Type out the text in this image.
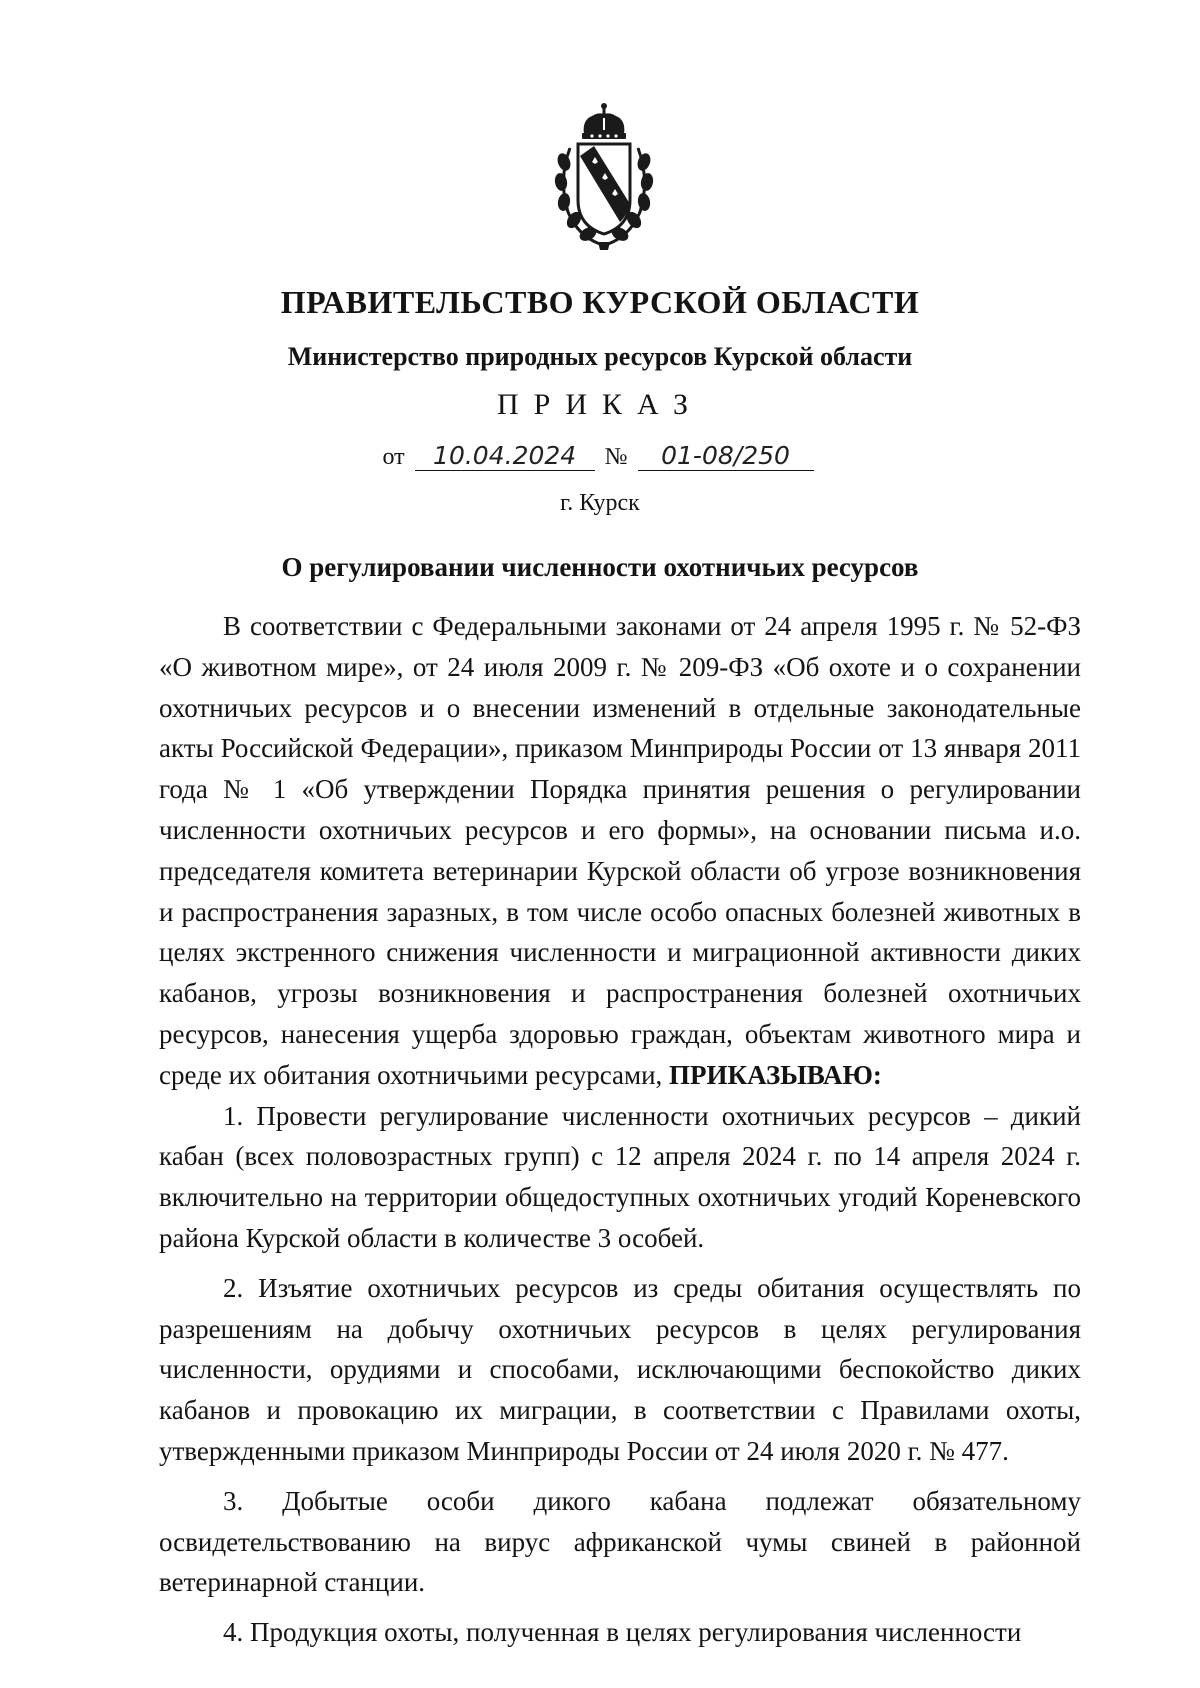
ПРАВИТЕЛЬСТВО КУРСКОЙ ОБЛАСТИ
Министерство природных ресурсов Курской области
ПРИКАЗ
от 10.04.2024 № 01-08/250
г. Курск
О регулировании численности охотничьих ресурсов

В соответствии с Федеральными законами от 24 апреля 1995 г. № 52-ФЗ «О животном мире», от 24 июля 2009 г. № 209-ФЗ «Об охоте и о сохранении охотничьих ресурсов и о внесении изменений в отдельные законодательные акты Российской Федерации», приказом Минприроды России от 13 января 2011 года № 1 «Об утверждении Порядка принятия решения о регулировании численности охотничьих ресурсов и его формы», на основании письма и.о. председателя комитета ветеринарии Курской области об угрозе возникновения и распространения заразных, в том числе особо опасных болезней животных в целях экстренного снижения численности и миграционной активности диких кабанов, угрозы возникновения и распространения болезней охотничьих ресурсов, нанесения ущерба здоровью граждан, объектам животного мира и среде их обитания охотничьими ресурсами, ПРИКАЗЫВАЮ:

1. Провести регулирование численности охотничьих ресурсов – дикий кабан (всех половозрастных групп) с 12 апреля 2024 г. по 14 апреля 2024 г. включительно на территории общедоступных охотничьих угодий Кореневского района Курской области в количестве 3 особей.

2. Изъятие охотничьих ресурсов из среды обитания осуществлять по разрешениям на добычу охотничьих ресурсов в целях регулирования численности, орудиями и способами, исключающими беспокойство диких кабанов и провокацию их миграции, в соответствии с Правилами охоты, утвержденными приказом Минприроды России от 24 июля 2020 г. № 477.

3. Добытые особи дикого кабана подлежат обязательному освидетельствованию на вирус африканской чумы свиней в районной ветеринарной станции.

4. Продукция охоты, полученная в целях регулирования численности
